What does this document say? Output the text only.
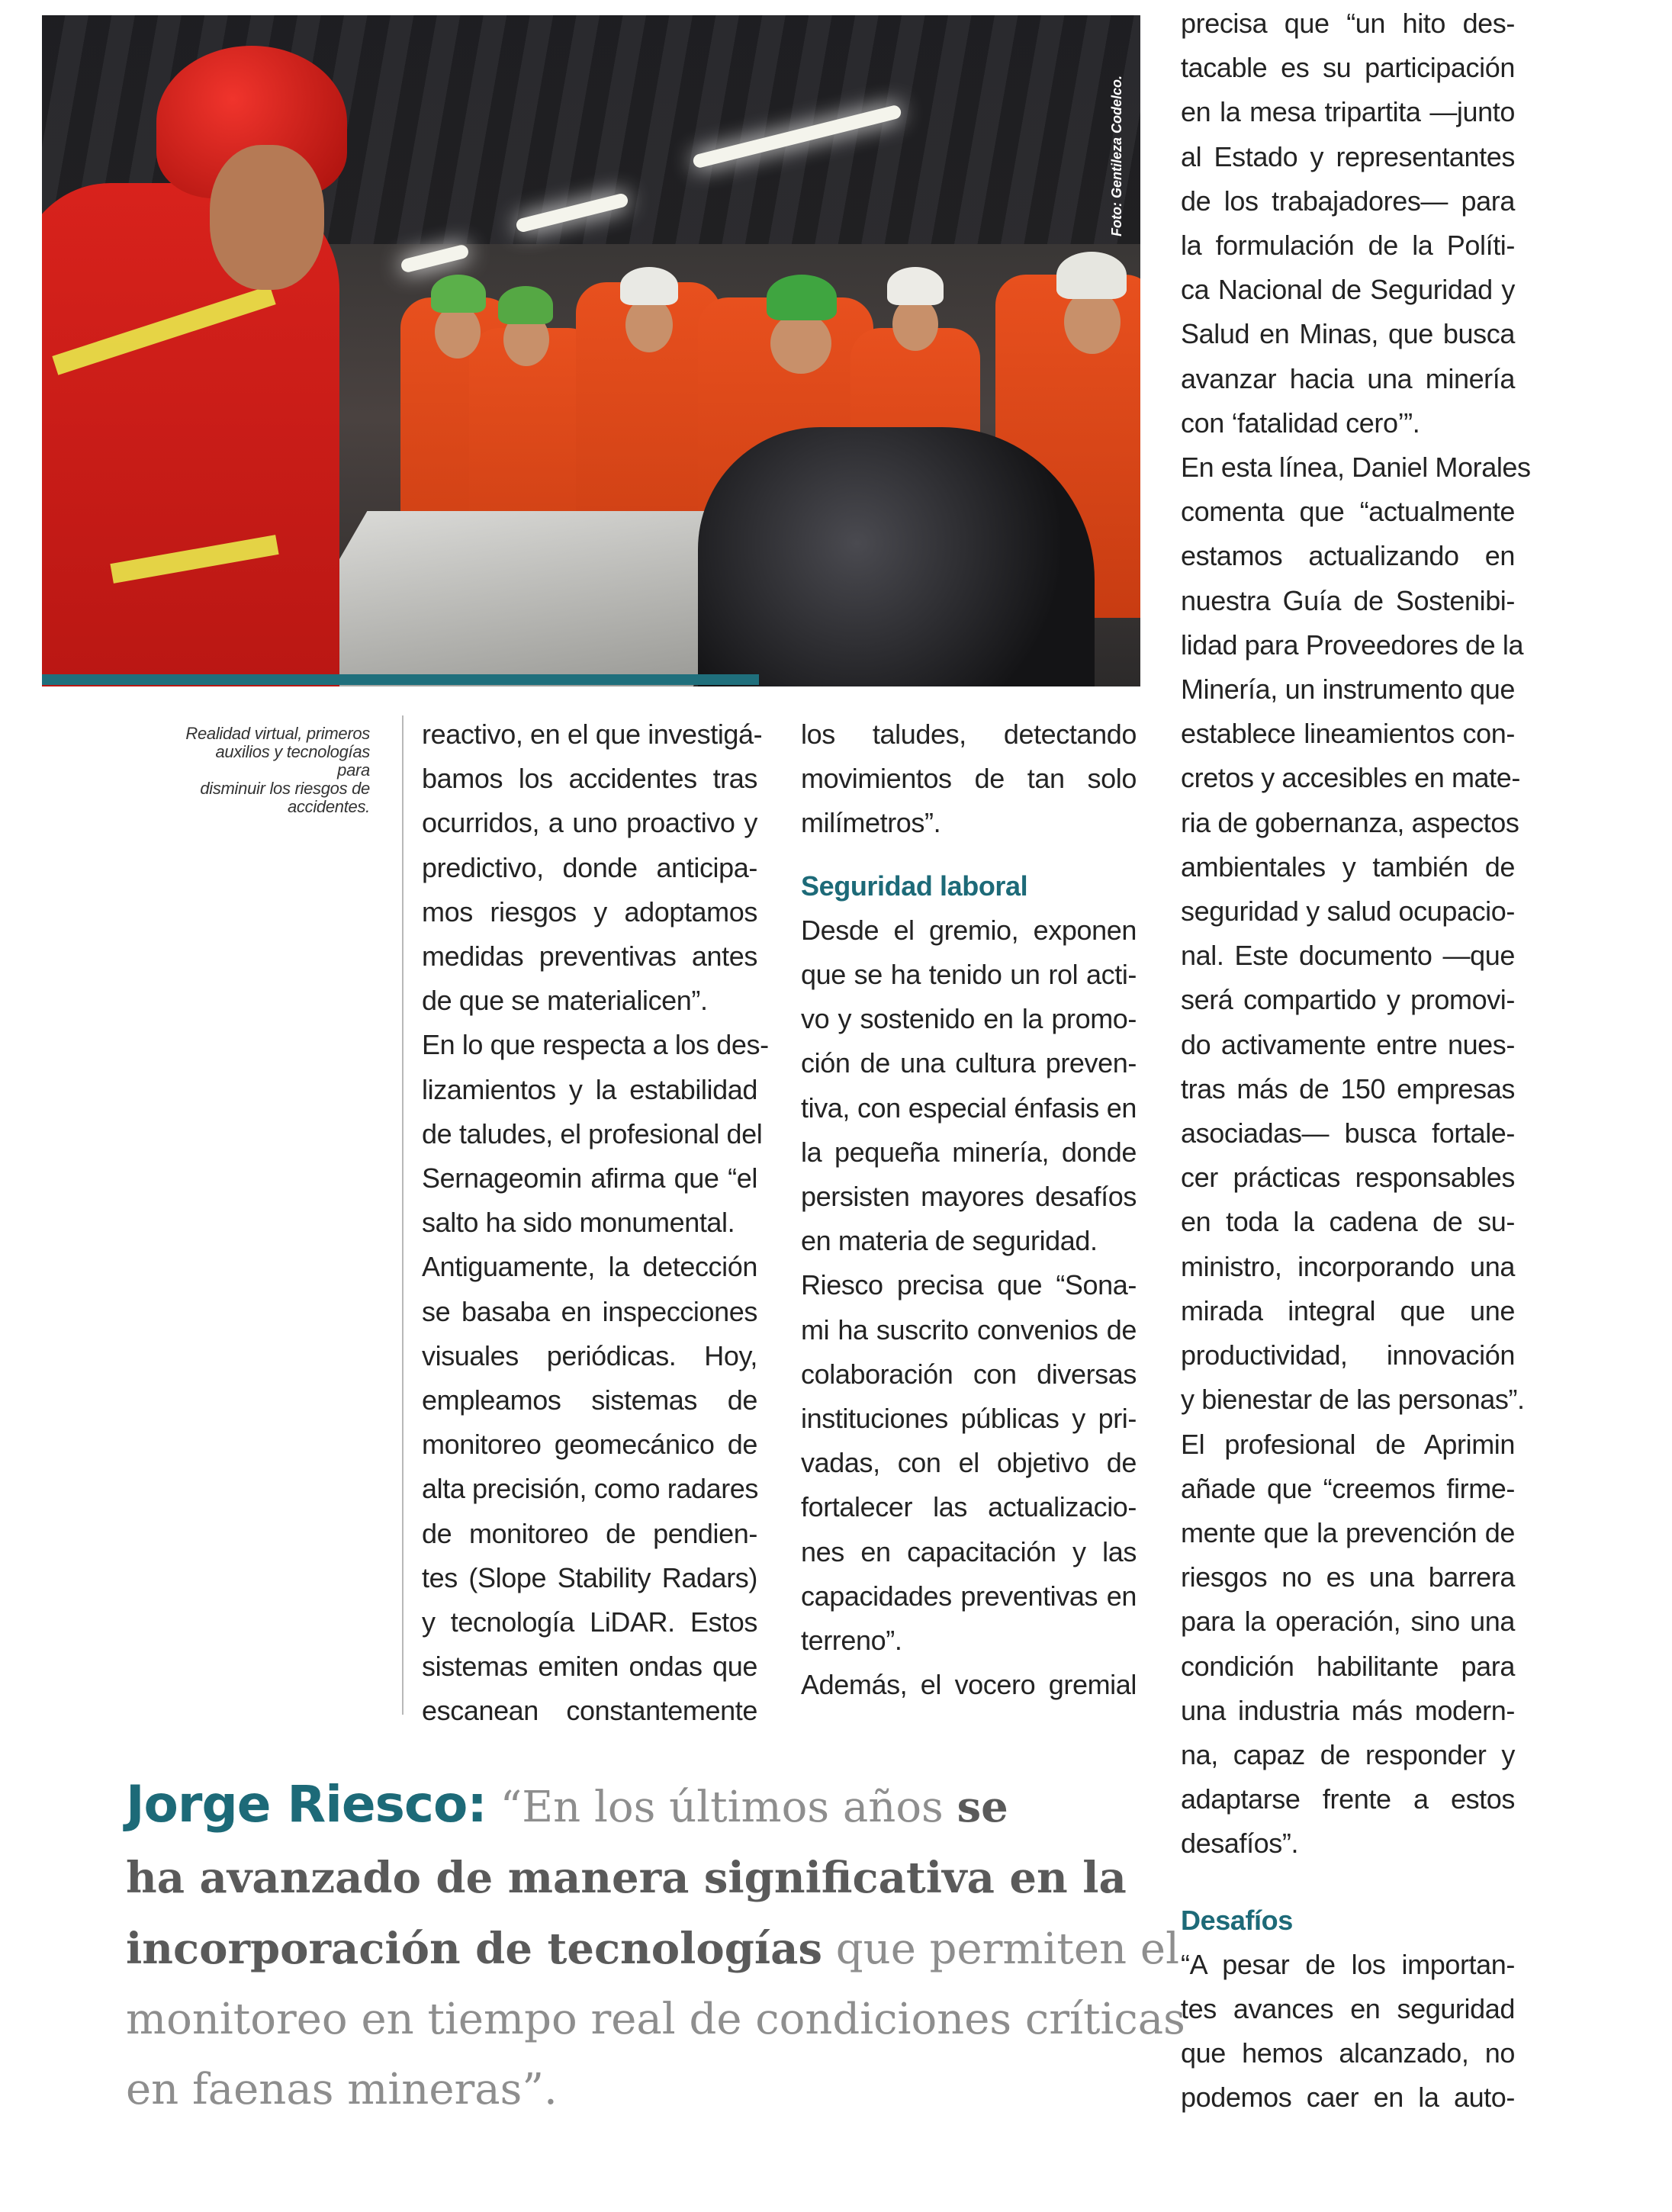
Foto: Gentileza Codelco.
Realidad virtual, primeros
auxilios y tecnologías para
disminuir los riesgos de
accidentes.
reactivo, en el que investigá-
bamos los accidentes tras
ocurridos, a uno proactivo y
predictivo, donde anticipa-
mos riesgos y adoptamos
medidas preventivas antes
de que se materialicen”.
En lo que respecta a los des-
lizamientos y la estabilidad
de taludes, el profesional del
Sernageomin afirma que “el
salto ha sido monumental.
Antiguamente, la detección
se basaba en inspecciones
visuales periódicas. Hoy,
empleamos sistemas de
monitoreo geomecánico de
alta precisión, como radares
de monitoreo de pendien-
tes (Slope Stability Radars)
y tecnología LiDAR. Estos
sistemas emiten ondas que
escanean constantemente
los taludes, detectando
movimientos de tan solo
milímetros”.
Seguridad laboral
Desde el gremio, exponen
que se ha tenido un rol acti-
vo y sostenido en la promo-
ción de una cultura preven-
tiva, con especial énfasis en
la pequeña minería, donde
persisten mayores desafíos
en materia de seguridad.
Riesco precisa que “Sona-
mi ha suscrito convenios de
colaboración con diversas
instituciones públicas y pri-
vadas, con el objetivo de
fortalecer las actualizacio-
nes en capacitación y las
capacidades preventivas en
terreno”.
Además, el vocero gremial
precisa que “un hito des-
tacable es su participación
en la mesa tripartita —junto
al Estado y representantes
de los trabajadores— para
la formulación de la Políti-
ca Nacional de Seguridad y
Salud en Minas, que busca
avanzar hacia una minería
con ‘fatalidad cero’”.
En esta línea, Daniel Morales
comenta que “actualmente
estamos actualizando en
nuestra Guía de Sostenibi-
lidad para Proveedores de la
Minería, un instrumento que
establece lineamientos con-
cretos y accesibles en mate-
ria de gobernanza, aspectos
ambientales y también de
seguridad y salud ocupacio-
nal. Este documento —que
será compartido y promovi-
do activamente entre nues-
tras más de 150 empresas
asociadas— busca fortale-
cer prácticas responsables
en toda la cadena de su-
ministro, incorporando una
mirada integral que une
productividad, innovación
y bienestar de las personas”.
El profesional de Aprimin
añade que “creemos firme-
mente que la prevención de
riesgos no es una barrera
para la operación, sino una
condición habilitante para
una industria más modern-
na, capaz de responder y
adaptarse frente a estos
desafíos”.
Desafíos
“A pesar de los importan-
tes avances en seguridad
que hemos alcanzado, no
podemos caer en la auto-
Jorge Riesco: “En los últimos años se
ha avanzado de manera significativa en la
incorporación de tecnologías que permiten el
monitoreo en tiempo real de condiciones críticas
en faenas mineras”.
